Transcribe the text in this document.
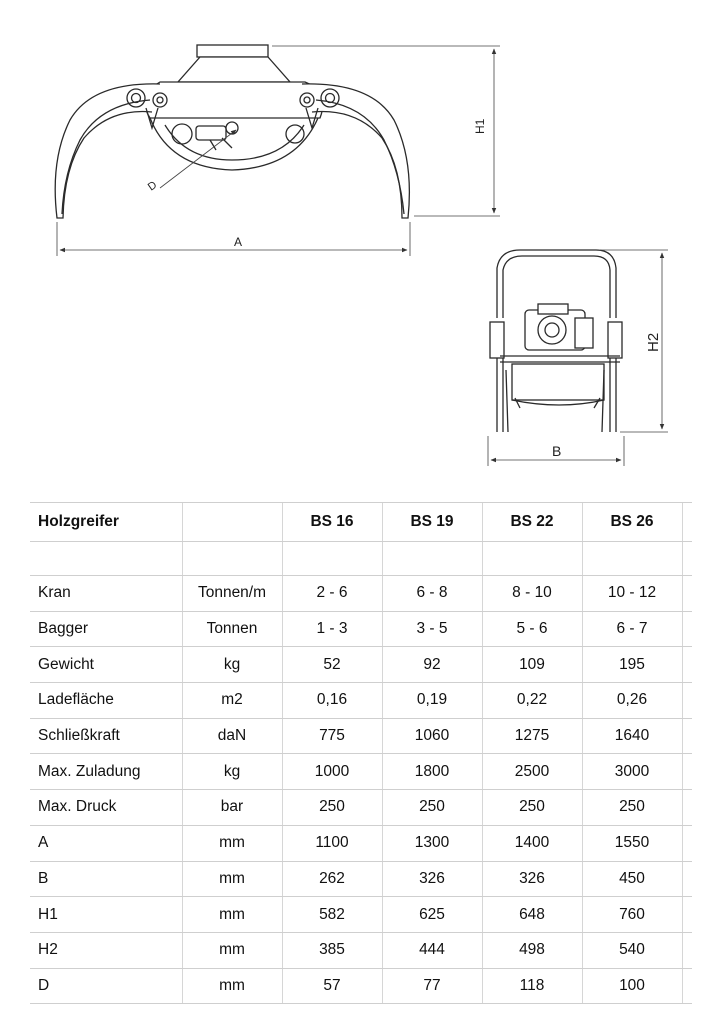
D
A
H1
H2
B
Holzgreifer		BS 16	BS 19	BS 22	BS 26	

Kran	Tonnen/m	2 - 6	6 - 8	8 - 10	10 - 12	
Bagger	Tonnen	1 - 3	3 - 5	5 - 6	6 - 7	
Gewicht	kg	52	92	109	195	
Ladefläche	m2	0,16	0,19	0,22	0,26	
Schließkraft	daN	775	1060	1275	1640	
Max. Zuladung	kg	1000	1800	2500	3000	
Max. Druck	bar	250	250	250	250	
A	mm	1100	1300	1400	1550	
B	mm	262	326	326	450	
H1	mm	582	625	648	760	
H2	mm	385	444	498	540	
D	mm	57	77	118	100	
